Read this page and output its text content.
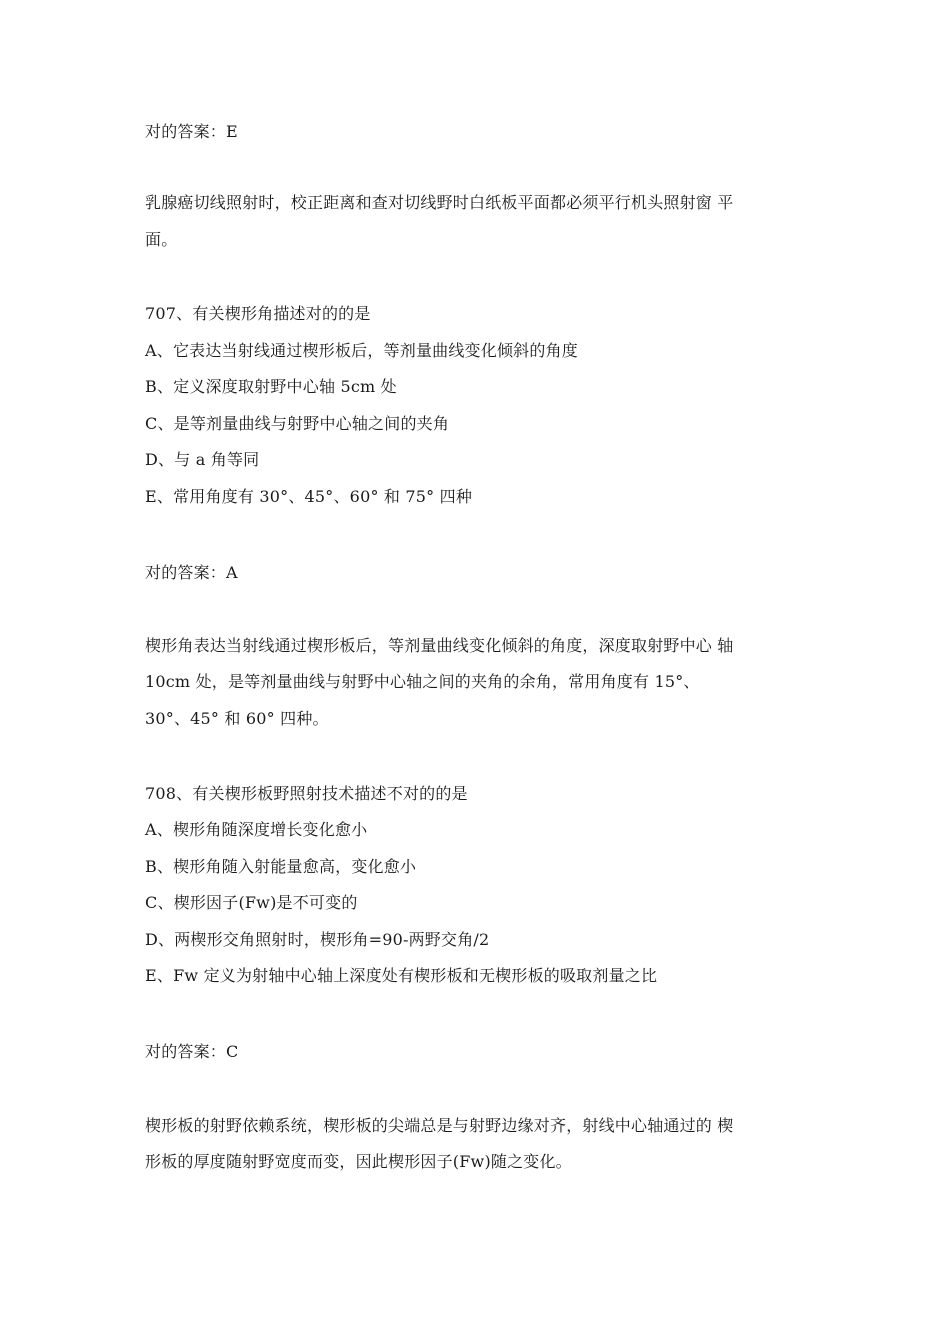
对的答案：E
乳腺癌切线照射时，校正距离和查对切线野时白纸板平面都必须平行机头照射窗 平
面。
707、有关楔形角描述对的的是
A、它表达当射线通过楔形板后，等剂量曲线变化倾斜的角度
B、定义深度取射野中心轴 5cm 处
C、是等剂量曲线与射野中心轴之间的夹角
D、与 a 角等同
E、常用角度有 30°、45°、60° 和 75° 四种
对的答案：A
楔形角表达当射线通过楔形板后，等剂量曲线变化倾斜的角度，深度取射野中心 轴
10cm 处，是等剂量曲线与射野中心轴之间的夹角的余角，常用角度有 15°、
30°、45° 和 60° 四种。
708、有关楔形板野照射技术描述不对的的是
A、楔形角随深度增长变化愈小
B、楔形角随入射能量愈高，变化愈小
C、楔形因子(Fw)是不可变的
D、两楔形交角照射时，楔形角=90-两野交角/2
E、Fw 定义为射轴中心轴上深度处有楔形板和无楔形板的吸取剂量之比
对的答案：C
楔形板的射野依赖系统，楔形板的尖端总是与射野边缘对齐，射线中心轴通过的 楔
形板的厚度随射野宽度而变，因此楔形因子(Fw)随之变化。
